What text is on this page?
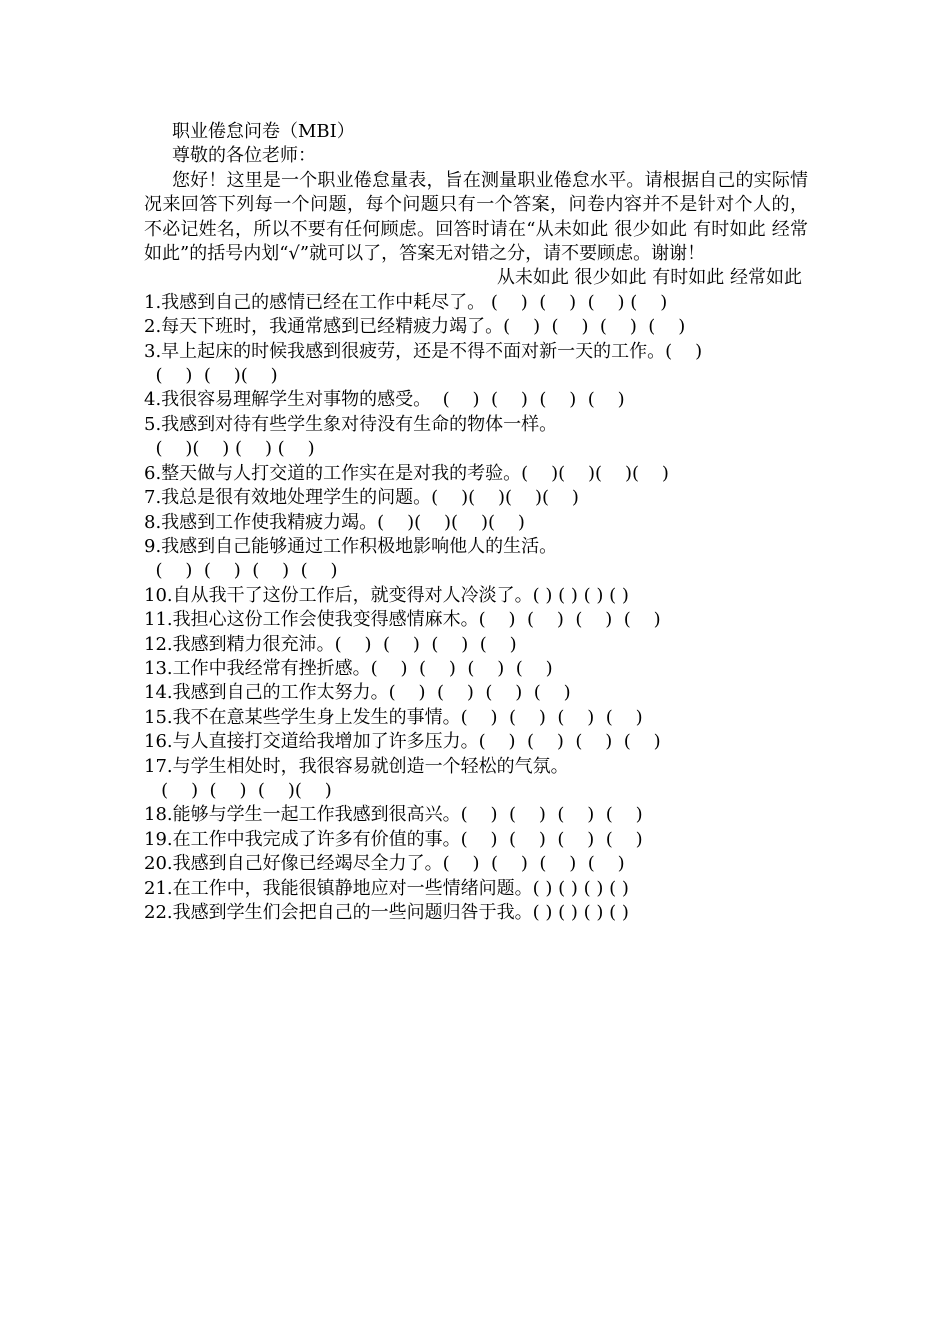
职业倦怠问卷（MBI）
尊敬的各位老师：
您好！这里是一个职业倦怠量表，旨在测量职业倦怠水平。请根据自己的实际情况来回答下列每一个问题，每个问题只有一个答案，问卷内容并不是针对个人的，不必记姓名，所以不要有任何顾虑。回答时请在“从未如此 很少如此 有时如此 经常如此”的括号内划“√”就可以了，答案无对错之分，请不要顾虑。谢谢！
从未如此 很少如此 有时如此 经常如此
1.我感到自己的感情已经在工作中耗尽了。 (    )  (    )  (    ) (    )
2.每天下班时，我通常感到已经精疲力竭了。(    )  (    )  (    )  (    )
3.早上起床的时候我感到很疲劳，还是不得不面对新一天的工作。(    )
(    )  (    )(    )
4.我很容易理解学生对事物的感受。  (    )  (    )  (    )  (    )
5.我感到对待有些学生象对待没有生命的物体一样。
(    )(    ) (    ) (    )
6.整天做与人打交道的工作实在是对我的考验。(    )(    )(    )(    )
7.我总是很有效地处理学生的问题。(    )(    )(    )(    )
8.我感到工作使我精疲力竭。(    )(    )(    )(    )
9.我感到自己能够通过工作积极地影响他人的生活。
(    )  (    )  (    )  (    )
10.自从我干了这份工作后，就变得对人冷淡了。( ) ( ) ( ) ( )
11.我担心这份工作会使我变得感情麻木。(    )  (    )  (    )  (    )
12.我感到精力很充沛。(    )  (    )  (    )  (    )
13.工作中我经常有挫折感。(    )  (    )  (    )  (    )
14.我感到自己的工作太努力。(    )  (    )  (    )  (    )
15.我不在意某些学生身上发生的事情。(    )  (    )  (    )  (    )
16.与人直接打交道给我增加了许多压力。(    )  (    )  (    )  (    )
17.与学生相处时，我很容易就创造一个轻松的气氛。
(    )  (    )  (    )(    )
18.能够与学生一起工作我感到很高兴。(    )  (    )  (    )  (    )
19.在工作中我完成了许多有价值的事。(    )  (    )  (    )  (    )
20.我感到自己好像已经竭尽全力了。(    )  (    )  (    )  (    )
21.在工作中，我能很镇静地应对一些情绪问题。( ) ( ) ( ) ( )
22.我感到学生们会把自己的一些问题归咎于我。( ) ( ) ( ) ( )
